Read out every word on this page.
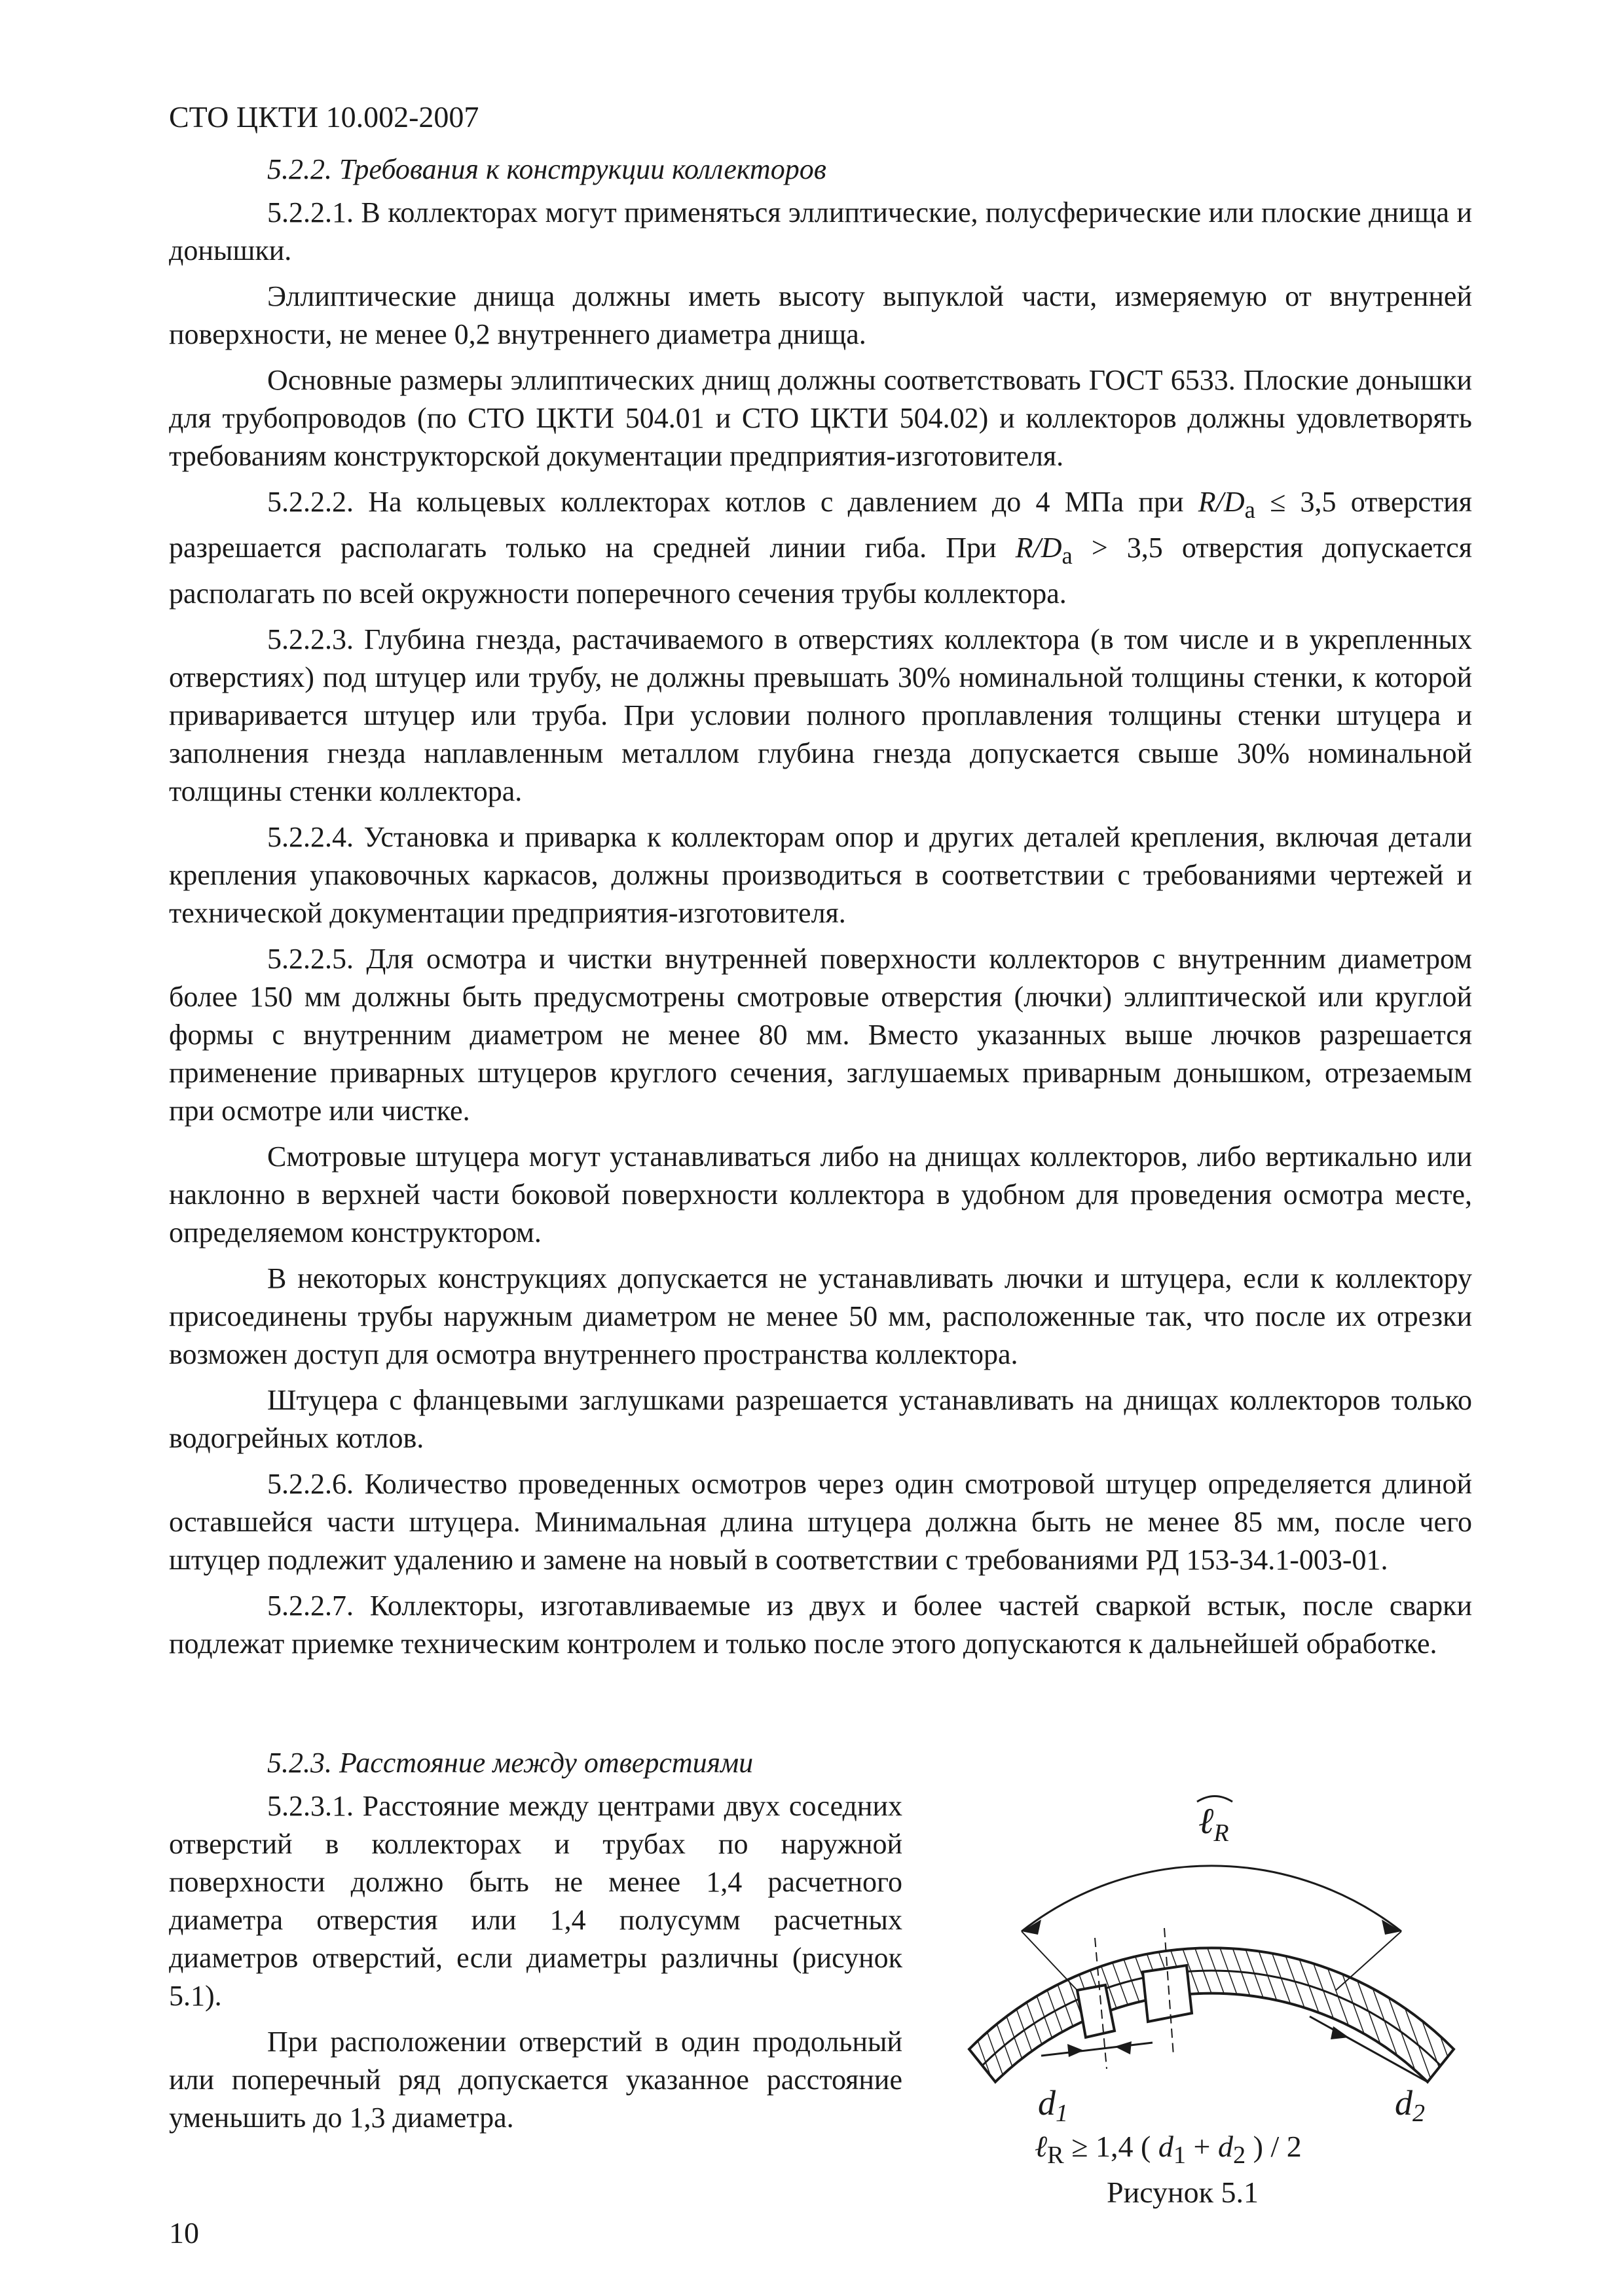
СТО ЦКТИ 10.002-2007

5.2.2. Требования к конструкции коллекторов

5.2.2.1. В коллекторах могут применяться эллиптические, полусферические или плоские днища и донышки.

Эллиптические днища должны иметь высоту выпуклой части, измеряемую от внутренней поверхности, не менее 0,2 внутреннего диаметра днища.

Основные размеры эллиптических днищ должны соответствовать ГОСТ 6533. Плоские донышки для трубопроводов (по СТО ЦКТИ 504.01 и СТО ЦКТИ 504.02) и коллекторов должны удовлетворять требованиям конструкторской документации предприятия-изготовителя.

5.2.2.2. На кольцевых коллекторах котлов с давлением до 4 МПа при $R/D_a \le 3,5$ отверстия разрешается располагать только на средней линии гиба. При $R/D_a > 3,5$ отверстия допускается располагать по всей окружности поперечного сечения трубы коллектора.

5.2.2.3. Глубина гнезда, растачиваемого в отверстиях коллектора (в том числе и в укрепленных отверстиях) под штуцер или трубу, не должны превышать 30% номинальной толщины стенки, к которой приваривается штуцер или труба. При условии полного проплавления толщины стенки штуцера и заполнения гнезда наплавленным металлом глубина гнезда допускается свыше 30% номинальной толщины стенки коллектора.

5.2.2.4. Установка и приварка к коллекторам опор и других деталей крепления, включая детали крепления упаковочных каркасов, должны производиться в соответствии с требованиями чертежей и технической документации предприятия-изготовителя.

5.2.2.5. Для осмотра и чистки внутренней поверхности коллекторов с внутренним диаметром более 150 мм должны быть предусмотрены смотровые отверстия (лючки) эллиптической или круглой формы с внутренним диаметром не менее 80 мм. Вместо указанных выше лючков разрешается применение приварных штуцеров круглого сечения, заглушаемых приварным донышком, отрезаемым при осмотре или чистке.

Смотровые штуцера могут устанавливаться либо на днищах коллекторов, либо вертикально или наклонно в верхней части боковой поверхности коллектора в удобном для проведения осмотра месте, определяемом конструктором.

В некоторых конструкциях допускается не устанавливать лючки и штуцера, если к коллектору присоединены трубы наружным диаметром не менее 50 мм, расположенные так, что после их отрезки возможен доступ для осмотра внутреннего пространства коллектора.

Штуцера с фланцевыми заглушками разрешается устанавливать на днищах коллекторов только водогрейных котлов.

5.2.2.6. Количество проведенных осмотров через один смотровой штуцер определяется длиной оставшейся части штуцера. Минимальная длина штуцера должна быть не менее 85 мм, после чего штуцер подлежит удалению и замене на новый в соответствии с требованиями РД 153-34.1-003-01.

5.2.2.7. Коллекторы, изготавливаемые из двух и более частей сваркой встык, после сварки подлежат приемке техническим контролем и только после этого допускаются к дальнейшей обработке.

5.2.3. Расстояние между отверстиями

5.2.3.1. Расстояние между центрами двух соседних отверстий в коллекторах и трубах по наружной поверхности должно быть не менее 1,4 расчетного диаметра отверстия или 1,4 полусумм расчетных диаметров отверстий, если диаметры различны (рисунок 5.1).

При расположении отверстий в один продольный или поперечный ряд допускается указанное расстояние уменьшить до 1,3 диаметра.

ℓ$_R$
d1	d2
ℓ$_R$ ≥ 1,4 ( $d_1 + d_2$ ) / 2
Рисунок 5.1
10
